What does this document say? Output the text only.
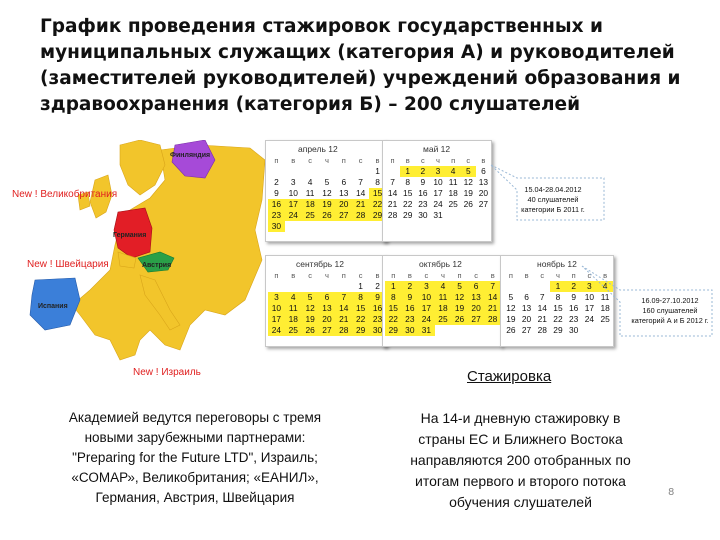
График проведения стажировок государственных и
муниципальных служащих (категория А) и руководителей
(заместителей руководителей) учреждений образования и
здравоохранения (категория Б) – 200 слушателей
Финляндия
Германия
Австрия
Испания
New ! Великобритания
New ! Швейцария
New ! Израиль
апрель 12
п	в	с	ч	п	с	в
						1
2	3	4	5	6	7	8
9	10	11	12	13	14	15
16	17	18	19	20	21	22
23	24	25	26	27	28	29
30						
май 12
п	в	с	ч	п	с	в
	1	2	3	4	5	6
7	8	9	10	11	12	13
14	15	16	17	18	19	20
21	22	23	24	25	26	27
28	29	30	31			
15.04-28.04.2012
40 слушателей
категории Б 2011 г.
сентябрь 12
п	в	с	ч	п	с	в
					1	2
3	4	5	6	7	8	9
10	11	12	13	14	15	16
17	18	19	20	21	22	23
24	25	26	27	28	29	30
октябрь 12
п	в	с	ч	п	с	в
1	2	3	4	5	6	7
8	9	10	11	12	13	14
15	16	17	18	19	20	21
22	23	24	25	26	27	28
29	30	31				
ноябрь 12
п	в	с	ч	п	с	в
			1	2	3	4
5	6	7	8	9	10	11
12	13	14	15	16	17	18
19	20	21	22	23	24	25
26	27	28	29	30		
16.09-27.10.2012
160 слушателей
категорий А и Б 2012 г.
Академией ведутся переговоры с тремя
новыми зарубежными партнерами:
"Preparing for the Future LTD", Израиль;
«СОМАР», Великобритания; «ЕАНИЛ»,
Германия, Австрия, Швейцария
Стажировка
На 14-и дневную стажировку в
страны ЕС и Ближнего Востока
направляются 200 отобранных по
итогам первого и второго потока
обучения слушателей
8
